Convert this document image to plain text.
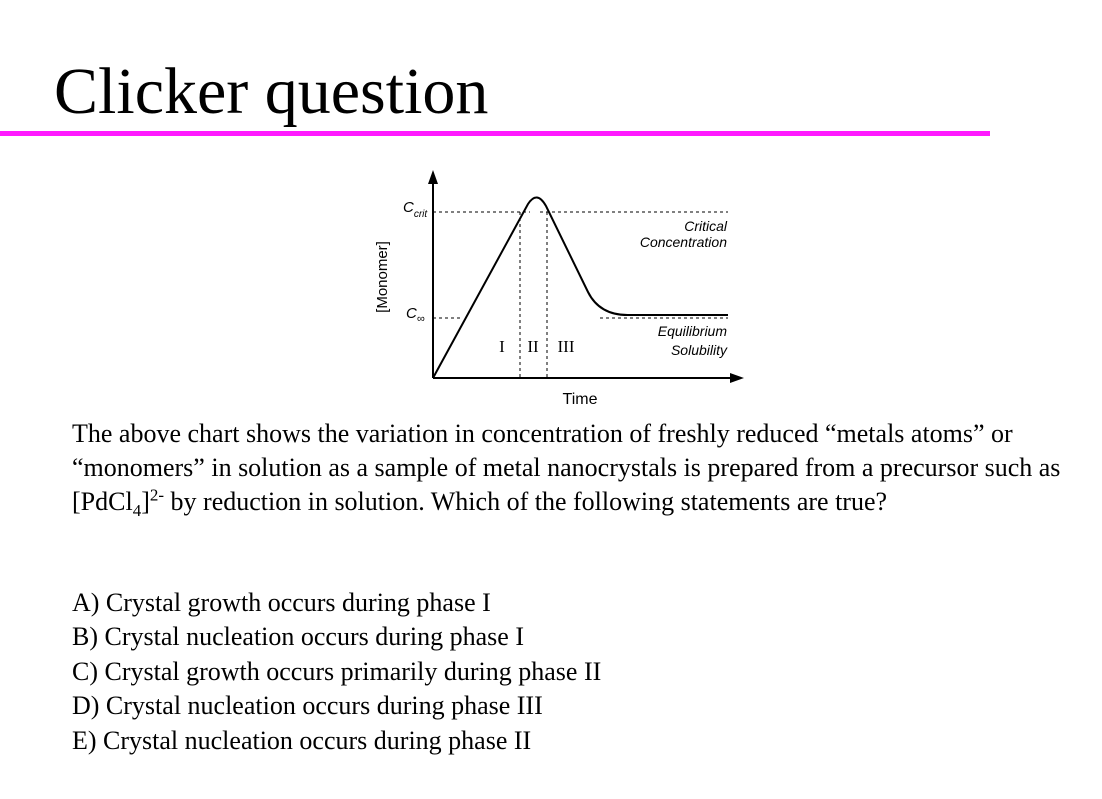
Clicker question
$C_{crit}$
$C_\infty$
[Monomer]
Time
Critical
Concentration
Equilibrium
Solubility
I II III

The above chart shows the variation in concentration of freshly reduced “metals atoms” or “monomers” in solution as a sample of metal nanocrystals is prepared from a precursor such as [PdCl$_4$]$^{2-}$ by reduction in solution. Which of the following statements are true?

A) Crystal growth occurs during phase I
B) Crystal nucleation occurs during phase I
C) Crystal growth occurs primarily during phase II
D) Crystal nucleation occurs during phase III
E) Crystal nucleation occurs during phase II
